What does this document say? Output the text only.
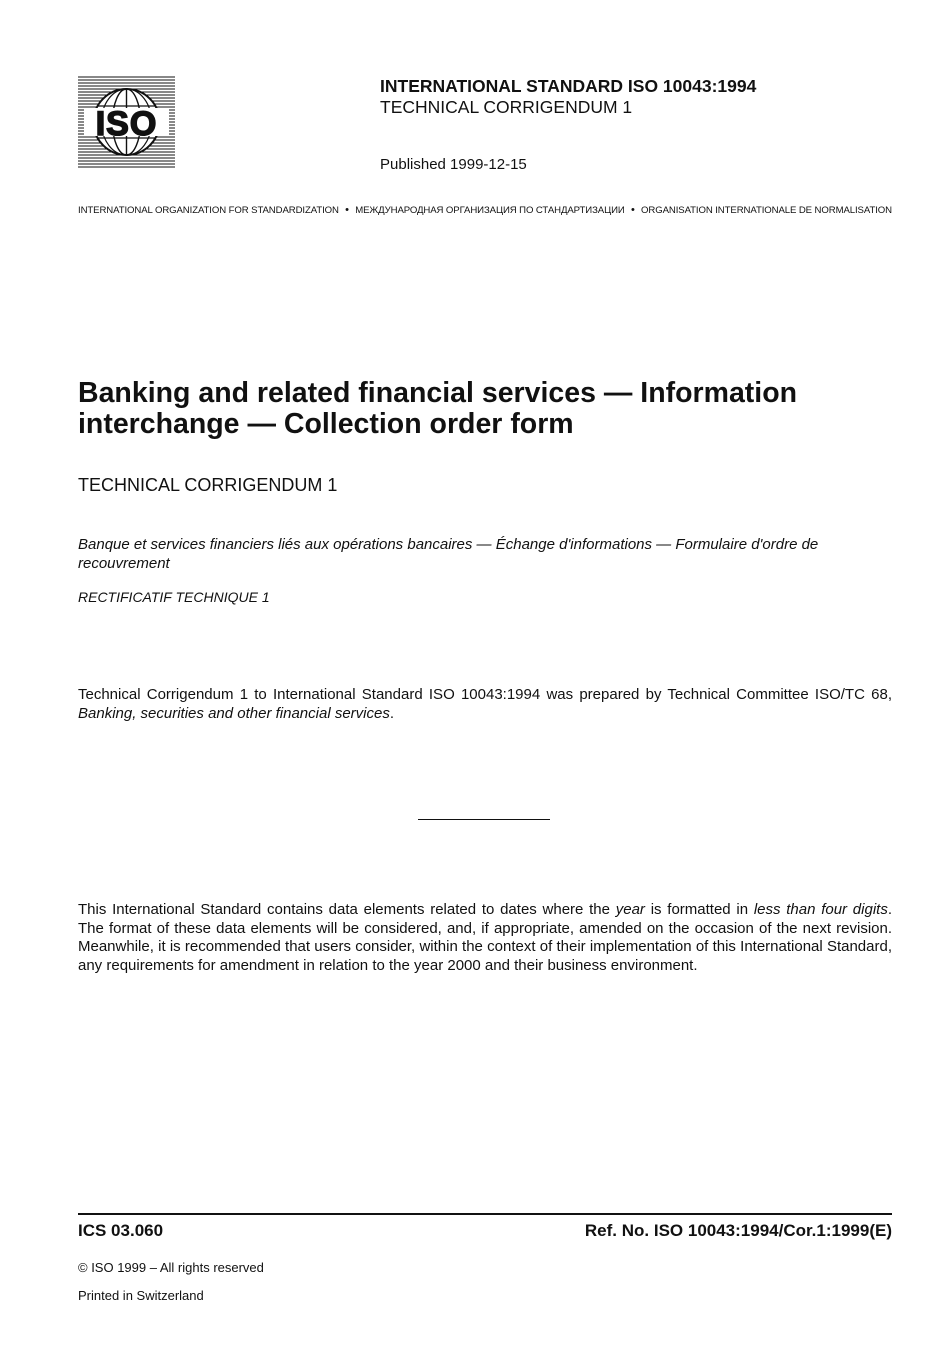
ISO
INTERNATIONAL STANDARD ISO 10043:1994
TECHNICAL CORRIGENDUM 1
Published 1999-12-15
INTERNATIONAL ORGANIZATION FOR STANDARDIZATION • МЕЖДУНАРОДНАЯ ОРГАНИЗАЦИЯ ПО СТАНДАРТИЗАЦИИ • ORGANISATION INTERNATIONALE DE NORMALISATION
Banking and related financial services — Information interchange — Collection order form
TECHNICAL CORRIGENDUM 1
Banque et services financiers liés aux opérations bancaires — Échange d'informations — Formulaire d'ordre de recouvrement
RECTIFICATIF TECHNIQUE 1
Technical Corrigendum 1 to International Standard ISO 10043:1994 was prepared by Technical Committee ISO/TC 68, Banking, securities and other financial services.
This International Standard contains data elements related to dates where the year is formatted in less than four digits. The format of these data elements will be considered, and, if appropriate, amended on the occasion of the next revision. Meanwhile, it is recommended that users consider, within the context of their implementation of this International Standard, any requirements for amendment in relation to the year 2000 and their business environment.
ICS 03.060	Ref. No. ISO 10043:1994/Cor.1:1999(E)
© ISO 1999 – All rights reserved
Printed in Switzerland
